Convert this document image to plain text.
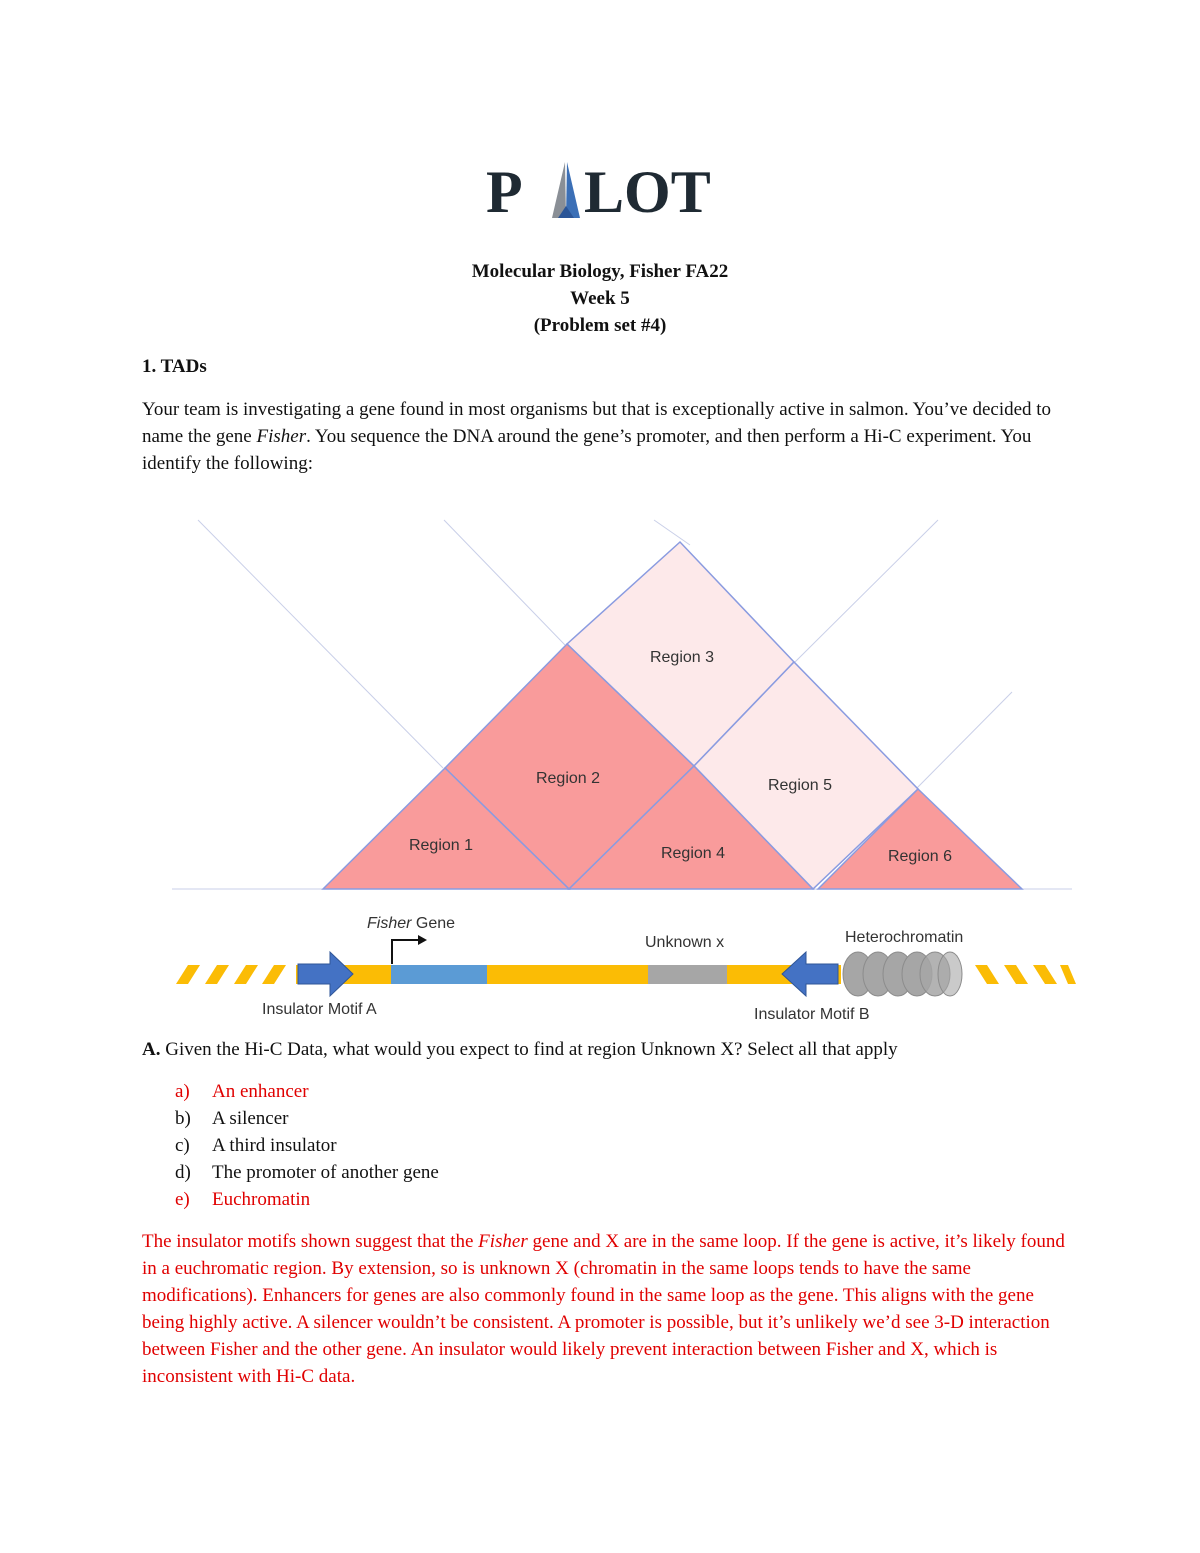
P LOT
Molecular Biology, Fisher FA22
Week 5
(Problem set #4)
1. TADs
Your team is investigating a gene found in most organisms but that is exceptionally active in salmon. You’ve decided to name the gene Fisher. You sequence the DNA around the gene’s promoter, and then perform a Hi-C experiment. You identify the following:
Region 1
Region 2
Region 3
Region 4
Region 5
Region 6
Fisher Gene
Unknown x	Heterochromatin
Insulator Motif A	Insulator Motif B
A. Given the Hi-C Data, what would you expect to find at region Unknown X? Select all that apply
a)	An enhancer
b)	A silencer
c)	A third insulator
d)	The promoter of another gene
e)	Euchromatin
The insulator motifs shown suggest that the Fisher gene and X are in the same loop. If the gene is active, it’s likely found in a euchromatic region. By extension, so is unknown X (chromatin in the same loops tends to have the same modifications). Enhancers for genes are also commonly found in the same loop as the gene. This aligns with the gene being highly active. A silencer wouldn’t be consistent. A promoter is possible, but it’s unlikely we’d see 3-D interaction between Fisher and the other gene. An insulator would likely prevent interaction between Fisher and X, which is inconsistent with Hi-C data.
